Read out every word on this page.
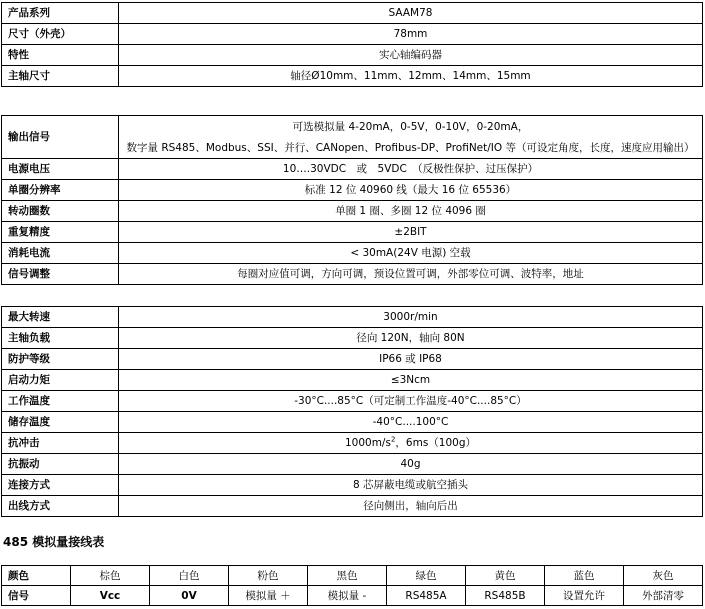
产品系列	SAAM78
尺寸（外壳）	78mm
特性	实心轴编码器
主轴尺寸	轴径Ø10mm、11mm、12mm、14mm、15mm
输出信号	可选模拟量 4-20mA，0-5V，0-10V，0-20mA，
数字量 RS485、Modbus、SSI、并行、CANopen、Profibus-DP、ProfiNet/IO 等（可设定角度，长度，速度应用输出）

电源电压	10….30VDC　或　5VDC　（反极性保护、过压保护）
单圈分辨率	标准 12 位 40960 线（最大 16 位 65536）
转动圈数	单圈 1 圈、多圈 12 位 4096 圈
重复精度	±2BIT
消耗电流	< 30mA(24V 电源) 空载
信号调整	每圈对应值可调，方向可调，预设位置可调，外部零位可调、波特率，地址
最大转速	3000r/min
主轴负载	径向 120N，轴向 80N
防护等级	IP66 或 IP68
启动力矩	≤3Ncm
工作温度	-30°C....85°C（可定制工作温度-40°C....85°C）
储存温度	-40°C....100°C
抗冲击	$1000m/s^2$，6ms（100g）
抗振动	40g
连接方式	8 芯屏蔽电缆或航空插头
出线方式	径向侧出，轴向后出
485 模拟量接线表
颜色	棕色	白色	粉色	黑色	绿色	黄色	蓝色	灰色
信号	Vcc	0V	模拟量 ＋	模拟量 -	RS485A	RS485B	设置允许	外部清零
